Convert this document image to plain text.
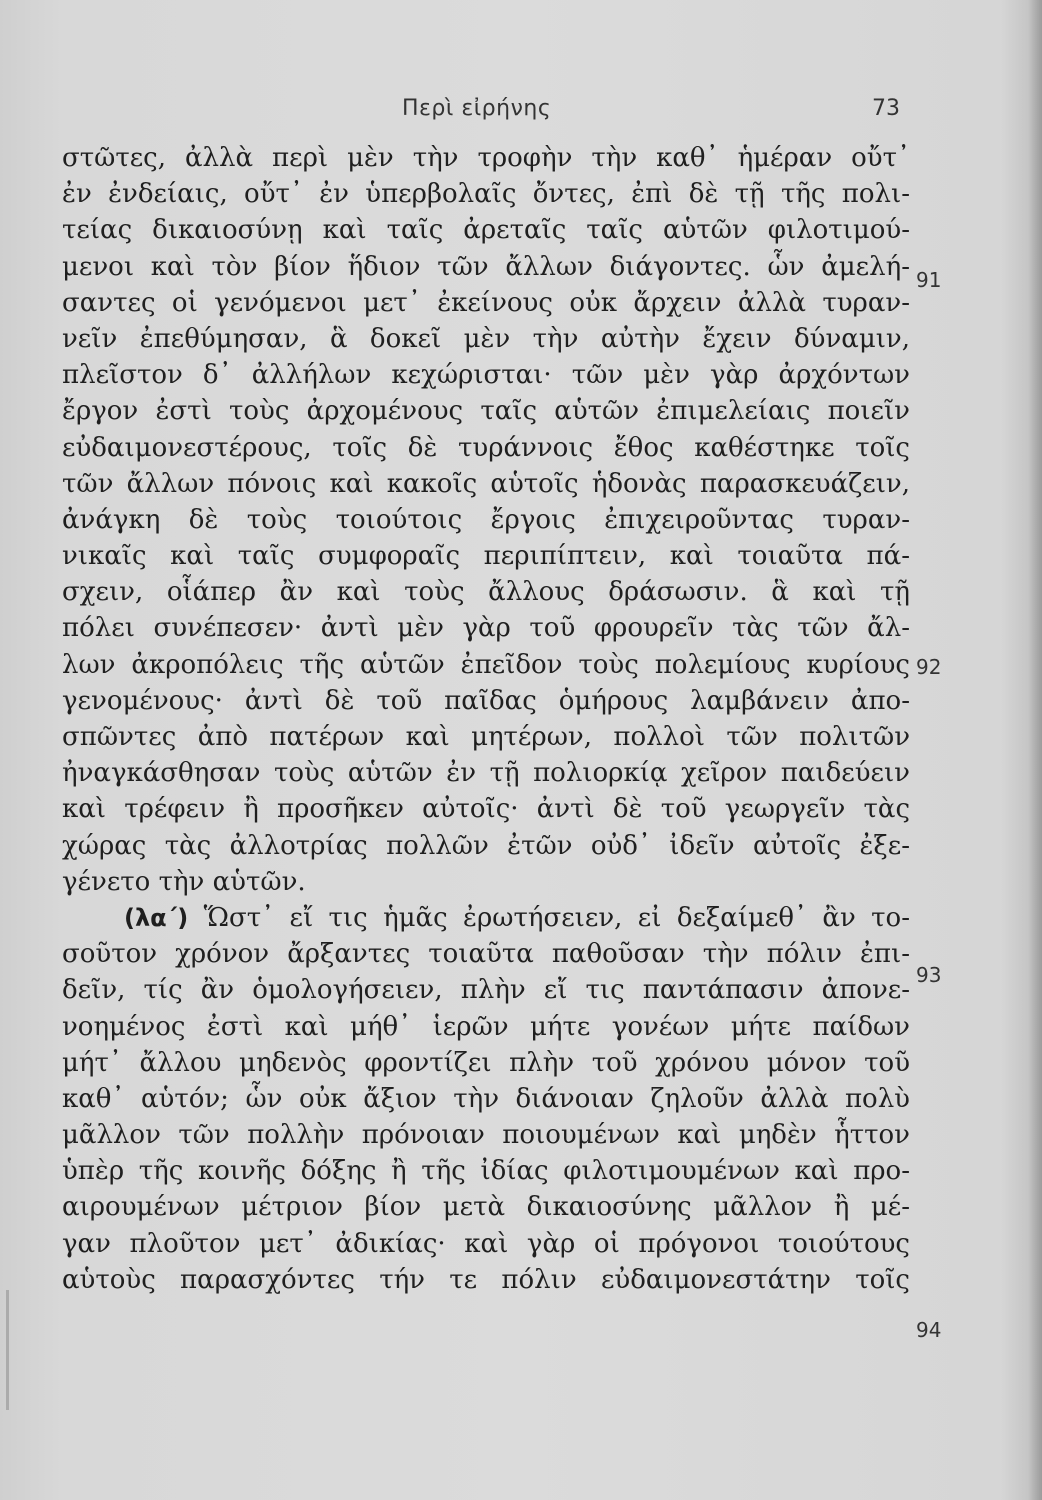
Περὶ εἰρήνης	73
στῶτες, ἀλλὰ περὶ μὲν τὴν τροφὴν τὴν καθ᾽ ἡμέραν οὔτ᾽
ἐν ἐνδείαις, οὔτ᾽ ἐν ὑπερβολαῖς ὄντες, ἐπὶ δὲ τῇ τῆς πολι-
τείας δικαιοσύνῃ καὶ ταῖς ἀρεταῖς ταῖς αὑτῶν φιλοτιμού-
μενοι καὶ τὸν βίον ἥδιον τῶν ἄλλων διάγοντες. ὧν ἀμελή-
σαντες οἱ γενόμενοι μετ᾽ ἐκείνους οὐκ ἄρχειν ἀλλὰ τυραν-
νεῖν ἐπεθύμησαν, ἃ δοκεῖ μὲν τὴν αὐτὴν ἔχειν δύναμιν,
πλεῖστον δ᾽ ἀλλήλων κεχώρισται· τῶν μὲν γὰρ ἀρχόντων
ἔργον ἐστὶ τοὺς ἀρχομένους ταῖς αὑτῶν ἐπιμελείαις ποιεῖν
εὐδαιμονεστέρους, τοῖς δὲ τυράννοις ἔθος καθέστηκε τοῖς
τῶν ἄλλων πόνοις καὶ κακοῖς αὑτοῖς ἡδονὰς παρασκευάζειν,
ἀνάγκη δὲ τοὺς τοιούτοις ἔργοις ἐπιχειροῦντας τυραν-
νικαῖς καὶ ταῖς συμφοραῖς περιπίπτειν, καὶ τοιαῦτα πά-
σχειν, οἷάπερ ἂν καὶ τοὺς ἄλλους δράσωσιν. ἃ καὶ τῇ
πόλει συνέπεσεν· ἀντὶ μὲν γὰρ τοῦ φρουρεῖν τὰς τῶν ἄλ-
λων ἀκροπόλεις τῆς αὑτῶν ἐπεῖδον τοὺς πολεμίους κυρίους
γενομένους· ἀντὶ δὲ τοῦ παῖδας ὁμήρους λαμβάνειν ἀπο-
σπῶντες ἀπὸ πατέρων καὶ μητέρων, πολλοὶ τῶν πολιτῶν
ἠναγκάσθησαν τοὺς αὑτῶν ἐν τῇ πολιορκίᾳ χεῖρον παιδεύειν
καὶ τρέφειν ἢ προσῆκεν αὐτοῖς· ἀντὶ δὲ τοῦ γεωργεῖν τὰς
χώρας τὰς ἀλλοτρίας πολλῶν ἐτῶν οὐδ᾽ ἰδεῖν αὐτοῖς ἐξε-
γένετο τὴν αὑτῶν.
(λα΄) Ὥστ᾽ εἴ τις ἡμᾶς ἐρωτήσειεν, εἰ δεξαίμεθ᾽ ἂν το-
σοῦτον χρόνον ἄρξαντες τοιαῦτα παθοῦσαν τὴν πόλιν ἐπι-
δεῖν, τίς ἂν ὁμολογήσειεν, πλὴν εἴ τις παντάπασιν ἀπονε-
νοημένος ἐστὶ καὶ μήθ᾽ ἱερῶν μήτε γονέων μήτε παίδων
μήτ᾽ ἄλλου μηδενὸς φροντίζει πλὴν τοῦ χρόνου μόνον τοῦ
καθ᾽ αὑτόν; ὧν οὐκ ἄξιον τὴν διάνοιαν ζηλοῦν ἀλλὰ πολὺ
μᾶλλον τῶν πολλὴν πρόνοιαν ποιουμένων καὶ μηδὲν ἧττον
ὑπὲρ τῆς κοινῆς δόξης ἢ τῆς ἰδίας φιλοτιμουμένων καὶ προ-
αιρουμένων μέτριον βίον μετὰ δικαιοσύνης μᾶλλον ἢ μέ-
γαν πλοῦτον μετ᾽ ἀδικίας· καὶ γὰρ οἱ πρόγονοι τοιούτους
αὑτοὺς παρασχόντες τήν τε πόλιν εὐδαιμονεστάτην τοῖς
91
92
93
94
